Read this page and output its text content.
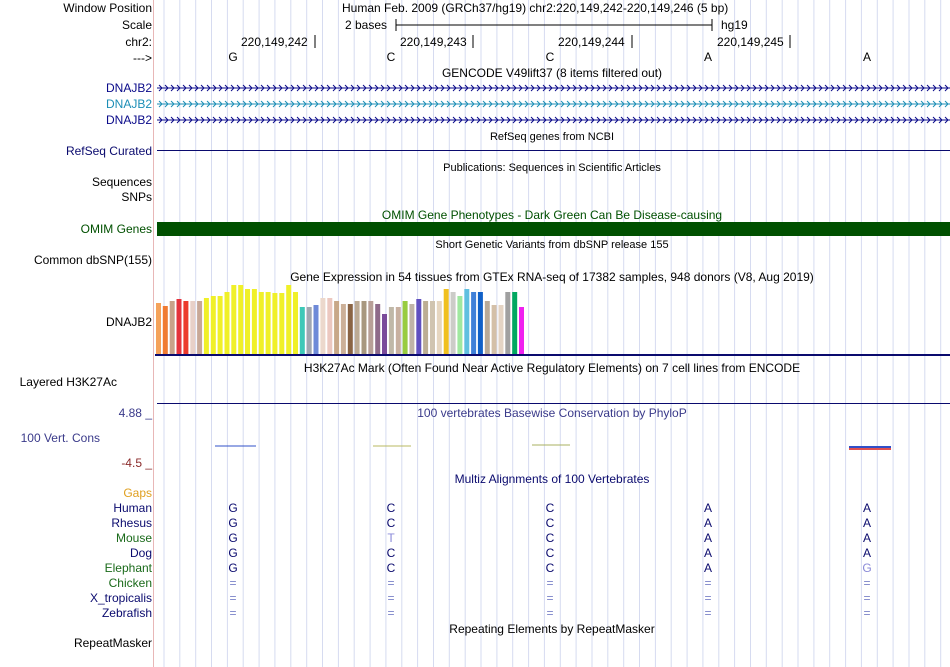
Window Position	Human Feb. 2009 (GRCh37/hg19) chr2:220,149,242-220,149,246 (5 bp)
Scale	2 bases	hg19
chr2:	220,149,242	220,149,243	220,149,244	220,149,245
--->	G	C	C	A	A
GENCODE V49lift37 (8 items filtered out)
DNAJB2
DNAJB2
DNAJB2
RefSeq genes from NCBI
RefSeq Curated
Publications: Sequences in Scientific Articles
Sequences
SNPs
OMIM Gene Phenotypes - Dark Green Can Be Disease-causing
OMIM Genes
Short Genetic Variants from dbSNP release 155
Common dbSNP(155)
Gene Expression in 54 tissues from GTEx RNA-seq of 17382 samples, 948 donors (V8, Aug 2019)
DNAJB2
H3K27Ac Mark (Often Found Near Active Regulatory Elements) on 7 cell lines from ENCODE
Layered H3K27Ac
100 vertebrates Basewise Conservation by PhyloP
4.88 _
100 Vert. Cons
-4.5 _
Multiz Alignments of 100 Vertebrates
Gaps
Human	G	C	C	A	A
Rhesus	G	C	C	A	A
Mouse	G	T	C	A	A
Dog	G	C	C	A	A
Elephant	G	C	C	A	G
Chicken	=	=	=	=	=
X_tropicalis	=	=	=	=	=
Zebrafish	=	=	=	=	=
Repeating Elements by RepeatMasker
RepeatMasker
